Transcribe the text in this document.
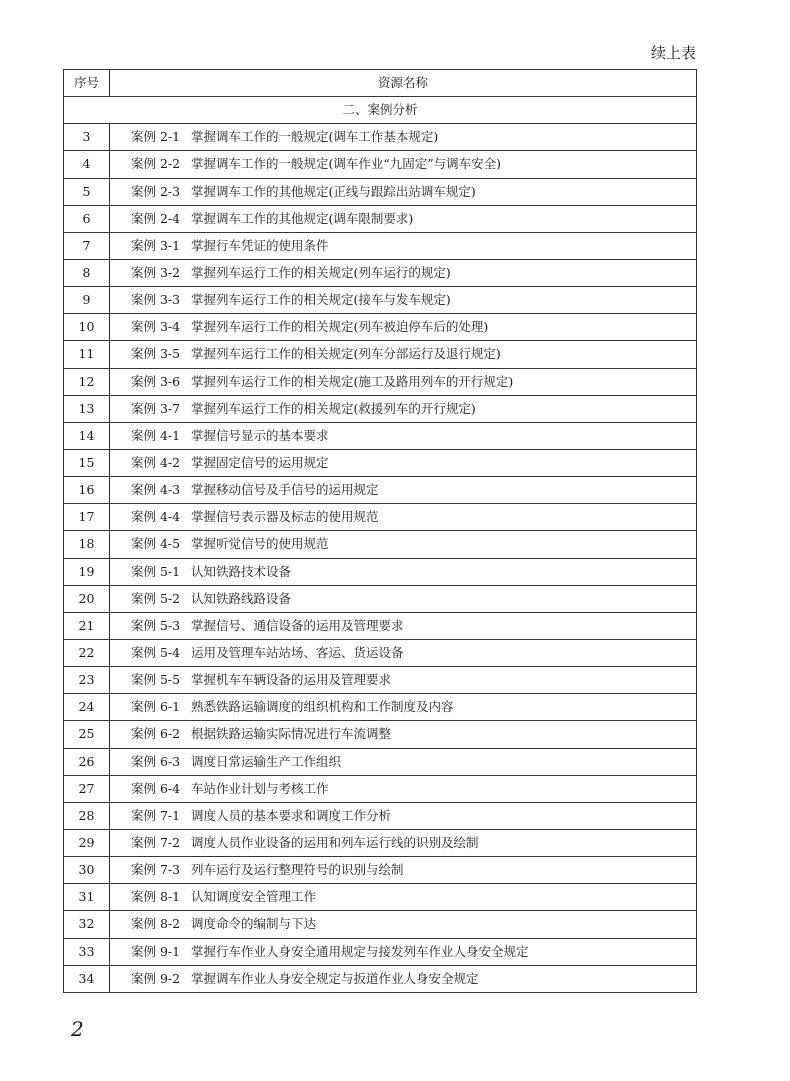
续上表
序号	资源名称
二、案例分析	
3	案例 2-1 掌握调车工作的一般规定(调车工作基本规定)
4	案例 2-2 掌握调车工作的一般规定(调车作业“九固定”与调车安全)
5	案例 2-3 掌握调车工作的其他规定(正线与跟踪出站调车规定)
6	案例 2-4 掌握调车工作的其他规定(调车限制要求)
7	案例 3-1 掌握行车凭证的使用条件
8	案例 3-2 掌握列车运行工作的相关规定(列车运行的规定)
9	案例 3-3 掌握列车运行工作的相关规定(接车与发车规定)
10	案例 3-4 掌握列车运行工作的相关规定(列车被迫停车后的处理)
11	案例 3-5 掌握列车运行工作的相关规定(列车分部运行及退行规定)
12	案例 3-6 掌握列车运行工作的相关规定(施工及路用列车的开行规定)
13	案例 3-7 掌握列车运行工作的相关规定(救援列车的开行规定)
14	案例 4-1 掌握信号显示的基本要求
15	案例 4-2 掌握固定信号的运用规定
16	案例 4-3 掌握移动信号及手信号的运用规定
17	案例 4-4 掌握信号表示器及标志的使用规范
18	案例 4-5 掌握听觉信号的使用规范
19	案例 5-1 认知铁路技术设备
20	案例 5-2 认知铁路线路设备
21	案例 5-3 掌握信号、通信设备的运用及管理要求
22	案例 5-4 运用及管理车站站场、客运、货运设备
23	案例 5-5 掌握机车车辆设备的运用及管理要求
24	案例 6-1 熟悉铁路运输调度的组织机构和工作制度及内容
25	案例 6-2 根据铁路运输实际情况进行车流调整
26	案例 6-3 调度日常运输生产工作组织
27	案例 6-4 车站作业计划与考核工作
28	案例 7-1 调度人员的基本要求和调度工作分析
29	案例 7-2 调度人员作业设备的运用和列车运行线的识别及绘制
30	案例 7-3 列车运行及运行整理符号的识别与绘制
31	案例 8-1 认知调度安全管理工作
32	案例 8-2 调度命令的编制与下达
33	案例 9-1 掌握行车作业人身安全通用规定与接发列车作业人身安全规定
34	案例 9-2 掌握调车作业人身安全规定与扳道作业人身安全规定
2
